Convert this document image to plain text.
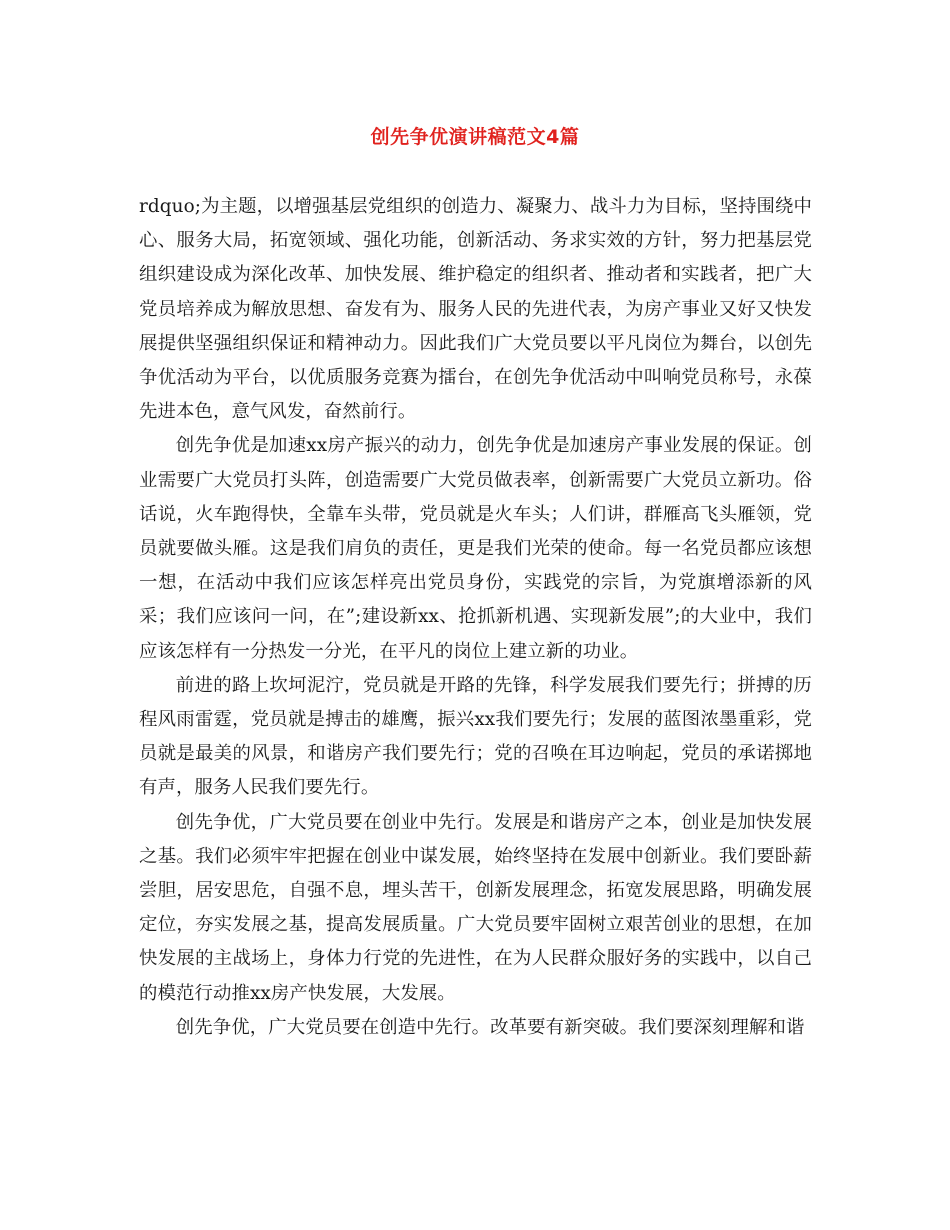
创先争优演讲稿范文4篇

rdquo;为主题，以增强基层党组织的创造力、凝聚力、战斗力为目标，坚持围绕中心、服务大局，拓宽领域、强化功能，创新活动、务求实效的方针，努力把基层党组织建设成为深化改革、加快发展、维护稳定的组织者、推动者和实践者，把广大党员培养成为解放思想、奋发有为、服务人民的先进代表，为房产事业又好又快发展提供坚强组织保证和精神动力。因此我们广大党员要以平凡岗位为舞台，以创先争优活动为平台，以优质服务竞赛为擂台，在创先争优活动中叫响党员称号，永葆先进本色，意气风发，奋然前行。

创先争优是加速xx房产振兴的动力，创先争优是加速房产事业发展的保证。创业需要广大党员打头阵，创造需要广大党员做表率，创新需要广大党员立新功。俗话说，火车跑得快，全靠车头带，党员就是火车头；人们讲，群雁高飞头雁领，党员就要做头雁。这是我们肩负的责任，更是我们光荣的使命。每一名党员都应该想一想，在活动中我们应该怎样亮出党员身份，实践党的宗旨，为党旗增添新的风采；我们应该问一问，在”;建设新xx、抢抓新机遇、实现新发展”;的大业中，我们应该怎样有一分热发一分光，在平凡的岗位上建立新的功业。

前进的路上坎坷泥泞，党员就是开路的先锋，科学发展我们要先行；拼搏的历程风雨雷霆，党员就是搏击的雄鹰，振兴xx我们要先行；发展的蓝图浓墨重彩，党员就是最美的风景，和谐房产我们要先行；党的召唤在耳边响起，党员的承诺掷地有声，服务人民我们要先行。

创先争优，广大党员要在创业中先行。发展是和谐房产之本，创业是加快发展之基。我们必须牢牢把握在创业中谋发展，始终坚持在发展中创新业。我们要卧薪尝胆，居安思危，自强不息，埋头苦干，创新发展理念，拓宽发展思路，明确发展定位，夯实发展之基，提高发展质量。广大党员要牢固树立艰苦创业的思想，在加快发展的主战场上，身体力行党的先进性，在为人民群众服好务的实践中，以自己的模范行动推xx房产快发展，大发展。

创先争优，广大党员要在创造中先行。改革要有新突破。我们要深刻理解和谐
